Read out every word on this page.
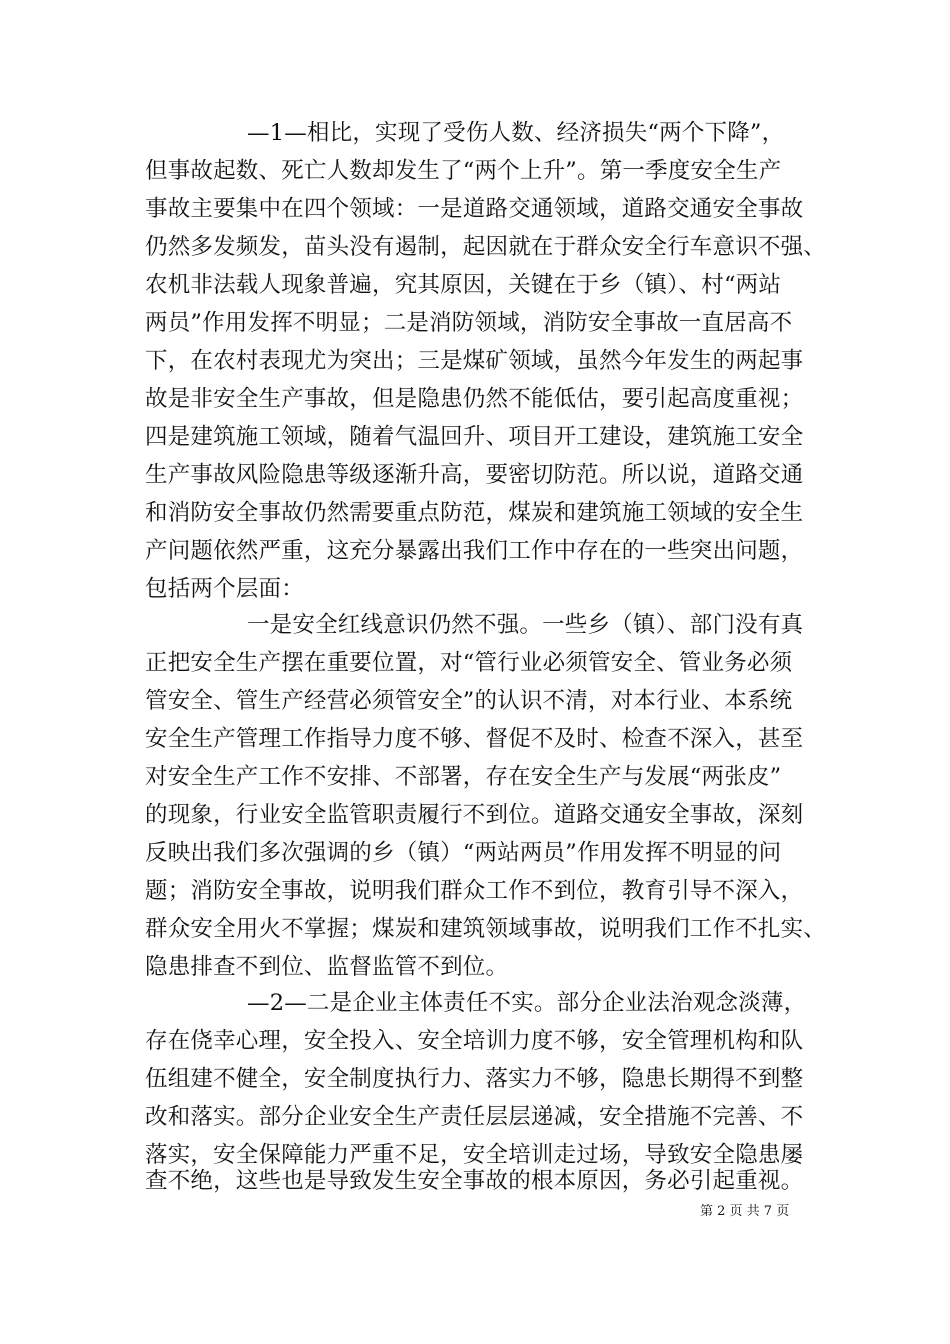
—1—相比，实现了受伤人数、经济损失“两个下降”，
但事故起数、死亡人数却发生了“两个上升”。第一季度安全生产
事故主要集中在四个领域：一是道路交通领域，道路交通安全事故
仍然多发频发，苗头没有遏制，起因就在于群众安全行车意识不强、
农机非法载人现象普遍，究其原因，关键在于乡（镇）、村“两站
两员”作用发挥不明显；二是消防领域，消防安全事故一直居高不
下，在农村表现尤为突出；三是煤矿领域，虽然今年发生的两起事
故是非安全生产事故，但是隐患仍然不能低估，要引起高度重视；
四是建筑施工领域，随着气温回升、项目开工建设，建筑施工安全
生产事故风险隐患等级逐渐升高，要密切防范。所以说，道路交通
和消防安全事故仍然需要重点防范，煤炭和建筑施工领域的安全生
产问题依然严重，这充分暴露出我们工作中存在的一些突出问题，
包括两个层面：
一是安全红线意识仍然不强。一些乡（镇）、部门没有真
正把安全生产摆在重要位置，对“管行业必须管安全、管业务必须
管安全、管生产经营必须管安全”的认识不清，对本行业、本系统
安全生产管理工作指导力度不够、督促不及时、检查不深入，甚至
对安全生产工作不安排、不部署，存在安全生产与发展“两张皮”
的现象，行业安全监管职责履行不到位。道路交通安全事故，深刻
反映出我们多次强调的乡（镇）“两站两员”作用发挥不明显的问
题；消防安全事故，说明我们群众工作不到位，教育引导不深入，
群众安全用火不掌握；煤炭和建筑领域事故，说明我们工作不扎实、
隐患排查不到位、监督监管不到位。
—2—二是企业主体责任不实。部分企业法治观念淡薄，
存在侥幸心理，安全投入、安全培训力度不够，安全管理机构和队
伍组建不健全，安全制度执行力、落实力不够，隐患长期得不到整
改和落实。部分企业安全生产责任层层递减，安全措施不完善、不
落实，安全保障能力严重不足，安全培训走过场，导致安全隐患屡
查不绝，这些也是导致发生安全事故的根本原因，务必引起重视。
第 2 页 共 7 页
